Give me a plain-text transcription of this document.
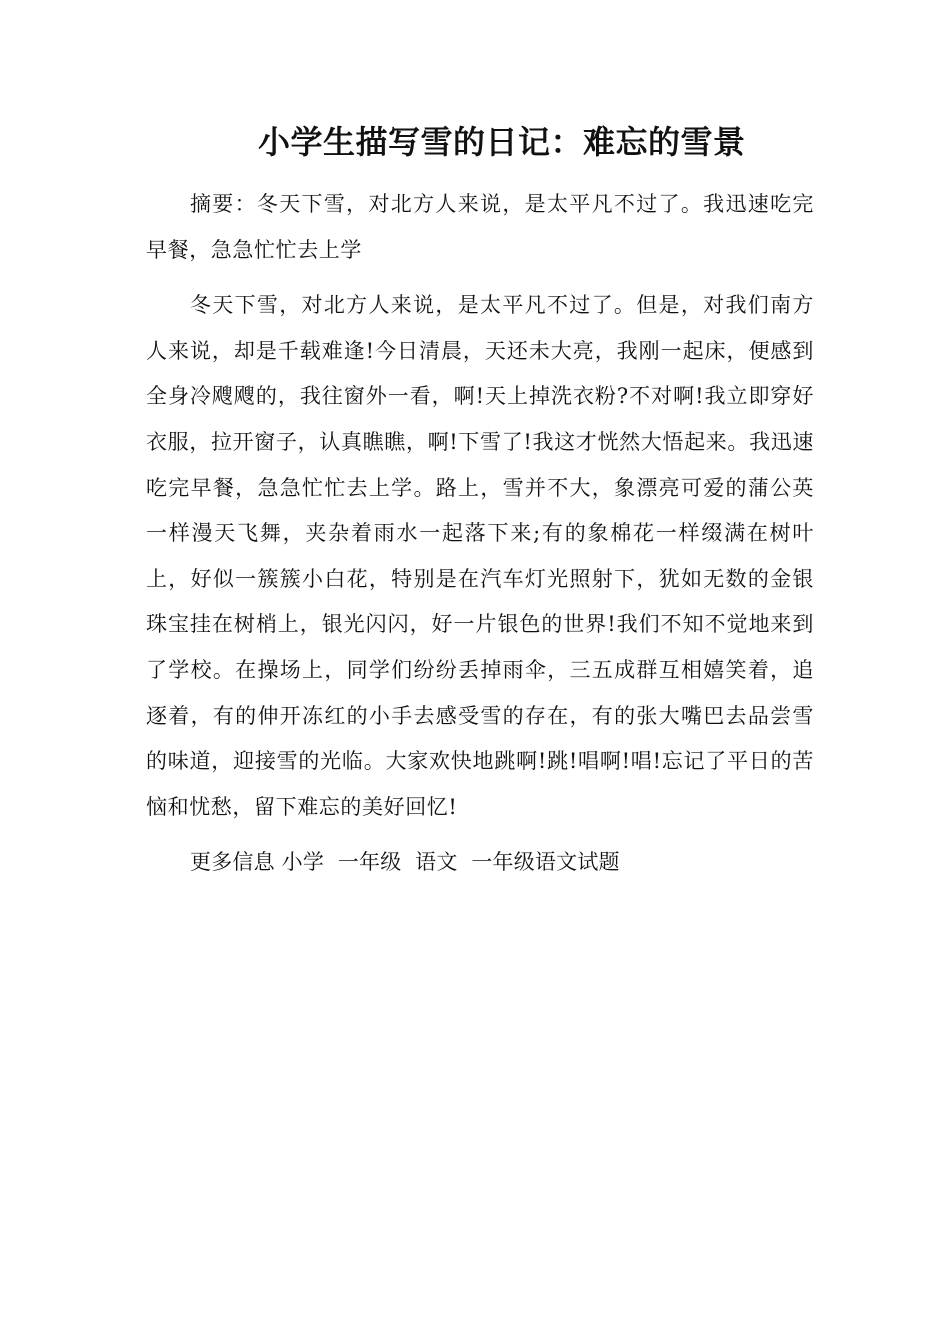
小学生描写雪的日记：难忘的雪景

摘要：冬天下雪，对北方人来说，是太平凡不过了。我迅速吃完早餐，急急忙忙去上学

冬天下雪，对北方人来说，是太平凡不过了。但是，对我们南方人来说，却是千载难逢!今日清晨，天还未大亮，我刚一起床，便感到全身冷飕飕的，我往窗外一看，啊!天上掉洗衣粉?不对啊!我立即穿好衣服，拉开窗子，认真瞧瞧，啊!下雪了!我这才恍然大悟起来。我迅速吃完早餐，急急忙忙去上学。路上，雪并不大，象漂亮可爱的蒲公英一样漫天飞舞，夹杂着雨水一起落下来;有的象棉花一样缀满在树叶上，好似一簇簇小白花，特别是在汽车灯光照射下，犹如无数的金银珠宝挂在树梢上，银光闪闪，好一片银色的世界!我们不知不觉地来到了学校。在操场上，同学们纷纷丢掉雨伞，三五成群互相嬉笑着，追逐着，有的伸开冻红的小手去感受雪的存在，有的张大嘴巴去品尝雪的味道，迎接雪的光临。大家欢快地跳啊!跳!唱啊!唱!忘记了平日的苦恼和忧愁，留下难忘的美好回忆!

更多信息 小学  一年级  语文  一年级语文试题
